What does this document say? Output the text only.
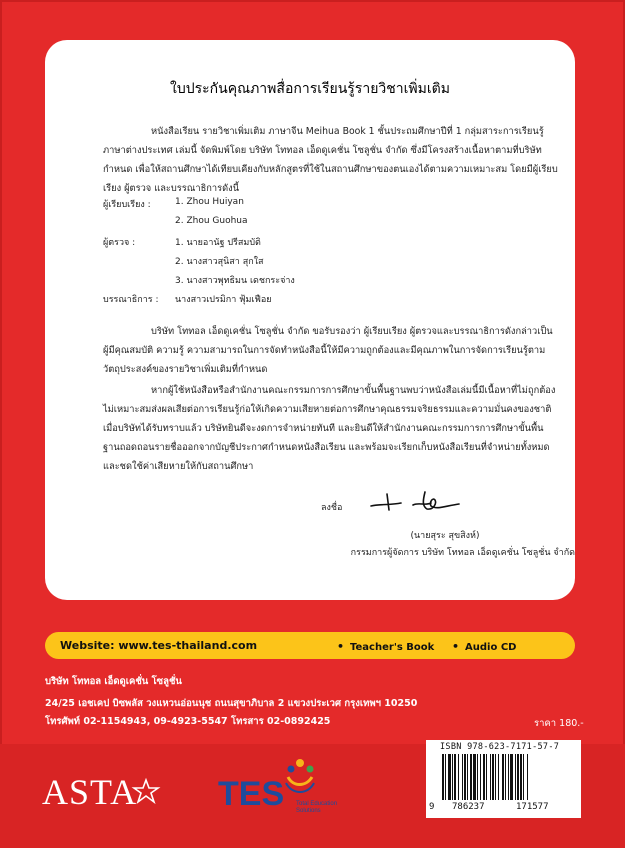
ใบประกันคุณภาพสื่อการเรียนรู้รายวิชาเพิ่มเติม

หนังสือเรียน รายวิชาเพิ่มเติม ภาษาจีน Meihua Book 1 ชั้นประถมศึกษาปีที่ 1 กลุ่มสาระการเรียนรู้ภาษาต่างประเทศ เล่มนี้ จัดพิมพ์โดย บริษัท โททอล เอ็ดดูเคชั่น โซลูชั่น จำกัด ซึ่งมีโครงสร้างเนื้อหาตามที่บริษัทกำหนด เพื่อให้สถานศึกษาได้เทียบเคียงกับหลักสูตรที่ใช้ในสถานศึกษาของตนเองได้ตามความเหมาะสม โดยมีผู้เรียบเรียง ผู้ตรวจ และบรรณาธิการดังนี้

ผู้เรียบเรียง :	1. Zhou Huiyan
2. Zhou Guohua
ผู้ตรวจ :	1. นายอานัฐ ปรีสมบัติ
2. นางสาวสุนิสา สุกใส
3. นางสาวพุทธิมน เดชกระจ่าง
บรรณาธิการ : นางสาวเปรมิกา ฟุ้มเฟือย

บริษัท โททอล เอ็ดดูเคชั่น โซลูชั่น จำกัด ขอรับรองว่า ผู้เรียบเรียง ผู้ตรวจและบรรณาธิการดังกล่าวเป็นผู้มีคุณสมบัติ ความรู้ ความสามารถในการจัดทำหนังสือนี้ให้มีความถูกต้องและมีคุณภาพในการจัดการเรียนรู้ตามวัตถุประสงค์ของรายวิชาเพิ่มเติมที่กำหนด

หากผู้ใช้หนังสือหรือสำนักงานคณะกรรมการการศึกษาขั้นพื้นฐานพบว่าหนังสือเล่มนี้มีเนื้อหาที่ไม่ถูกต้องไม่เหมาะสมส่งผลเสียต่อการเรียนรู้ก่อให้เกิดความเสียหายต่อการศึกษาคุณธรรมจริยธรรมและความมั่นคงของชาติ เมื่อบริษัทได้รับทราบแล้ว บริษัทยินดีจะงดการจำหน่ายทันที และยินดีให้สำนักงานคณะกรรมการการศึกษาขั้นพื้นฐานถอดถอนรายชื่อออกจากบัญชีประกาศกำหนดหนังสือเรียน และพร้อมจะเรียกเก็บหนังสือเรียนที่จำหน่ายทั้งหมดและชดใช้ค่าเสียหายให้กับสถานศึกษา

ลงชื่อ
(นายสุระ สุขสิงห์)
กรรมการผู้จัดการ บริษัท โททอล เอ็ดดูเคชั่น โซลูชั่น จำกัด
Website: www.tes-thailand.com	• Teacher's Book • Audio CD
บริษัท โททอล เอ็ดดูเคชั่น โซลูชั่น
24/25 เอชเคป บิซพลัส วงแหวนอ่อนนุช ถนนสุขาภิบาล 2 แขวงประเวศ กรุงเทพฯ 10250
โทรศัพท์ 02-1154943, 09-4923-5547 โทรสาร 02-0892425	ราคา 180.-
ASTA TES Total Education
Solutions
ISBN 978-623-7171-57-7
9 786237	171577
